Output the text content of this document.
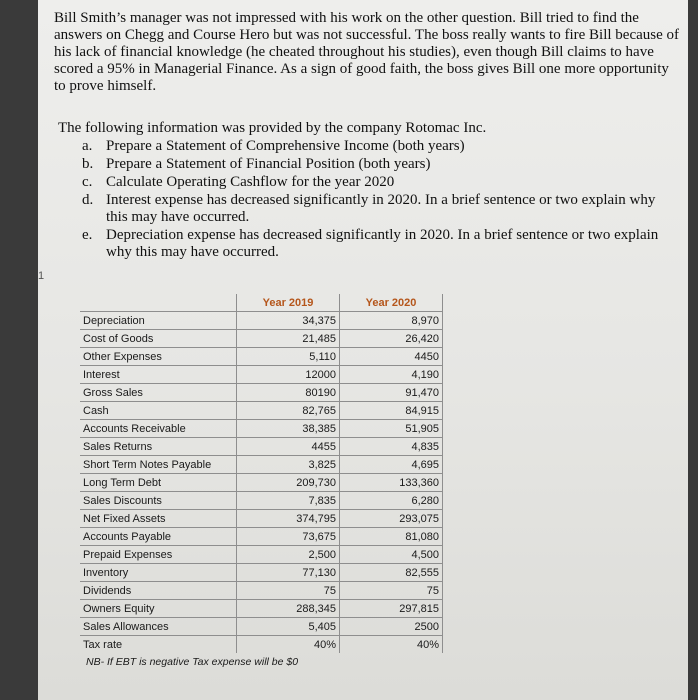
Bill Smith’s manager was not impressed with his work on the other question. Bill tried to find the answers on Chegg and Course Hero but was not successful. The boss really wants to fire Bill because of his lack of financial knowledge (he cheated throughout his studies), even though Bill claims to have scored a 95% in Managerial Finance. As a sign of good faith, the boss gives Bill one more opportunity to prove himself.

The following information was provided by the company Rotomac Inc.

a. Prepare a Statement of Comprehensive Income (both years)
b. Prepare a Statement of Financial Position (both years)
c. Calculate Operating Cashflow for the year 2020
d. Interest expense has decreased significantly in 2020. In a brief sentence or two explain why this may have occurred.
e. Depreciation expense has decreased significantly in 2020. In a brief sentence or two explain why this may have occurred.
1
	Year 2019	Year 2020
Depreciation	34,375	8,970
Cost of Goods	21,485	26,420
Other Expenses	5,110	4450
Interest	12000	4,190
Gross Sales	80190	91,470
Cash	82,765	84,915
Accounts Receivable	38,385	51,905
Sales Returns	4455	4,835
Short Term Notes Payable	3,825	4,695
Long Term Debt	209,730	133,360
Sales Discounts	7,835	6,280
Net Fixed Assets	374,795	293,075
Accounts Payable	73,675	81,080
Prepaid Expenses	2,500	4,500
Inventory	77,130	82,555
Dividends	75	75
Owners Equity	288,345	297,815
Sales Allowances	5,405	2500
Tax rate	40%	40%
NB- If EBT is negative Tax expense will be $0
